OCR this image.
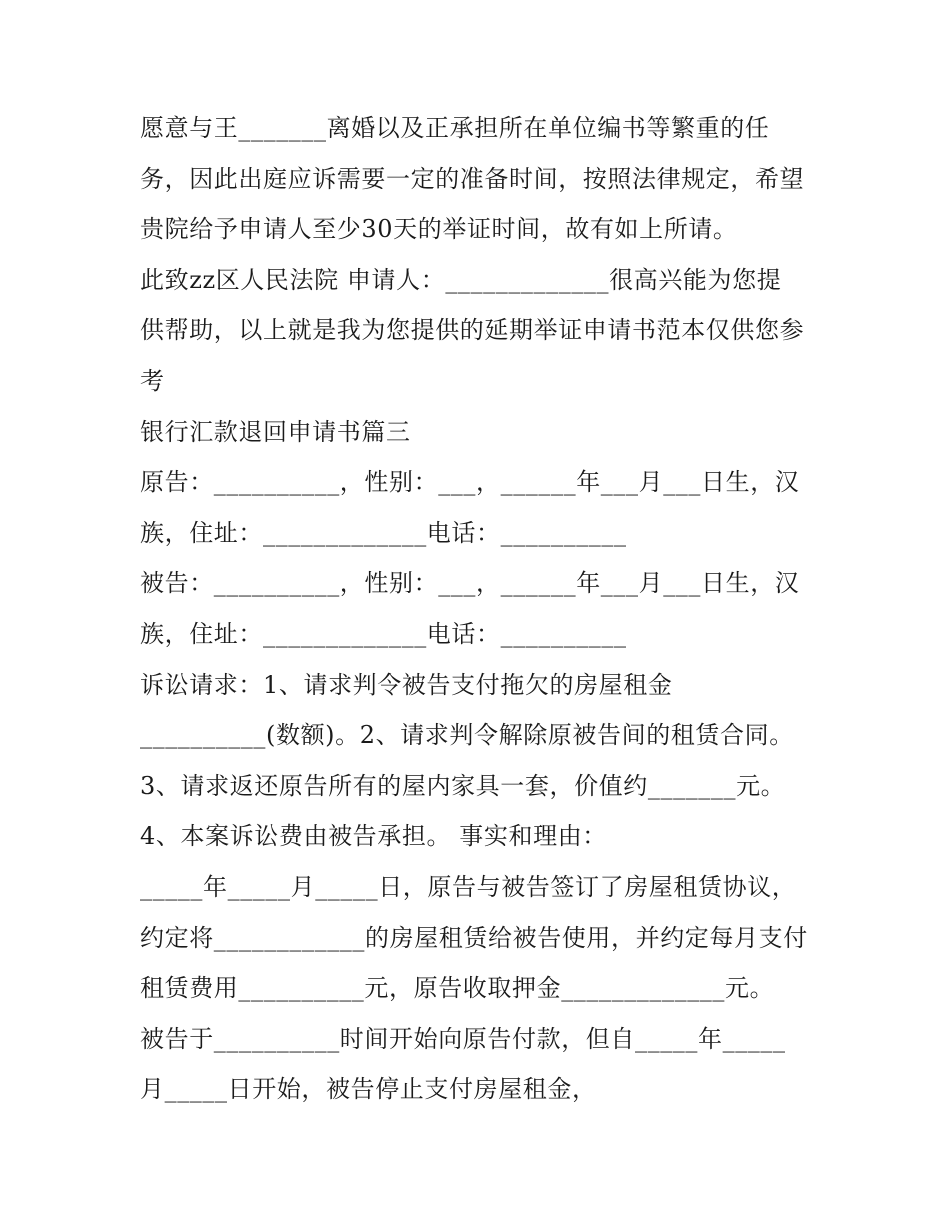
愿意与王_______离婚以及正承担所在单位编书等繁重的任
务，因此出庭应诉需要一定的准备时间，按照法律规定，希望
贵院给予申请人至少30天的举证时间，故有如上所请。
此致zz区人民法院 申请人：_____________很高兴能为您提
供帮助，以上就是我为您提供的延期举证申请书范本仅供您参
考
银行汇款退回申请书篇三
原告：__________，性别：___，______年___月___日生，汉
族，住址：_____________电话：__________
被告：__________，性别：___，______年___月___日生，汉
族，住址：_____________电话：__________
诉讼请求：1、请求判令被告支付拖欠的房屋租金
__________(数额)。2、请求判令解除原被告间的租赁合同。
3、请求返还原告所有的屋内家具一套，价值约_______元。
4、本案诉讼费由被告承担。 事实和理由：
_____年_____月_____日，原告与被告签订了房屋租赁协议，
约定将____________的房屋租赁给被告使用，并约定每月支付
租赁费用__________元，原告收取押金_____________元。
被告于__________时间开始向原告付款，但自_____年_____
月_____日开始，被告停止支付房屋租金，
